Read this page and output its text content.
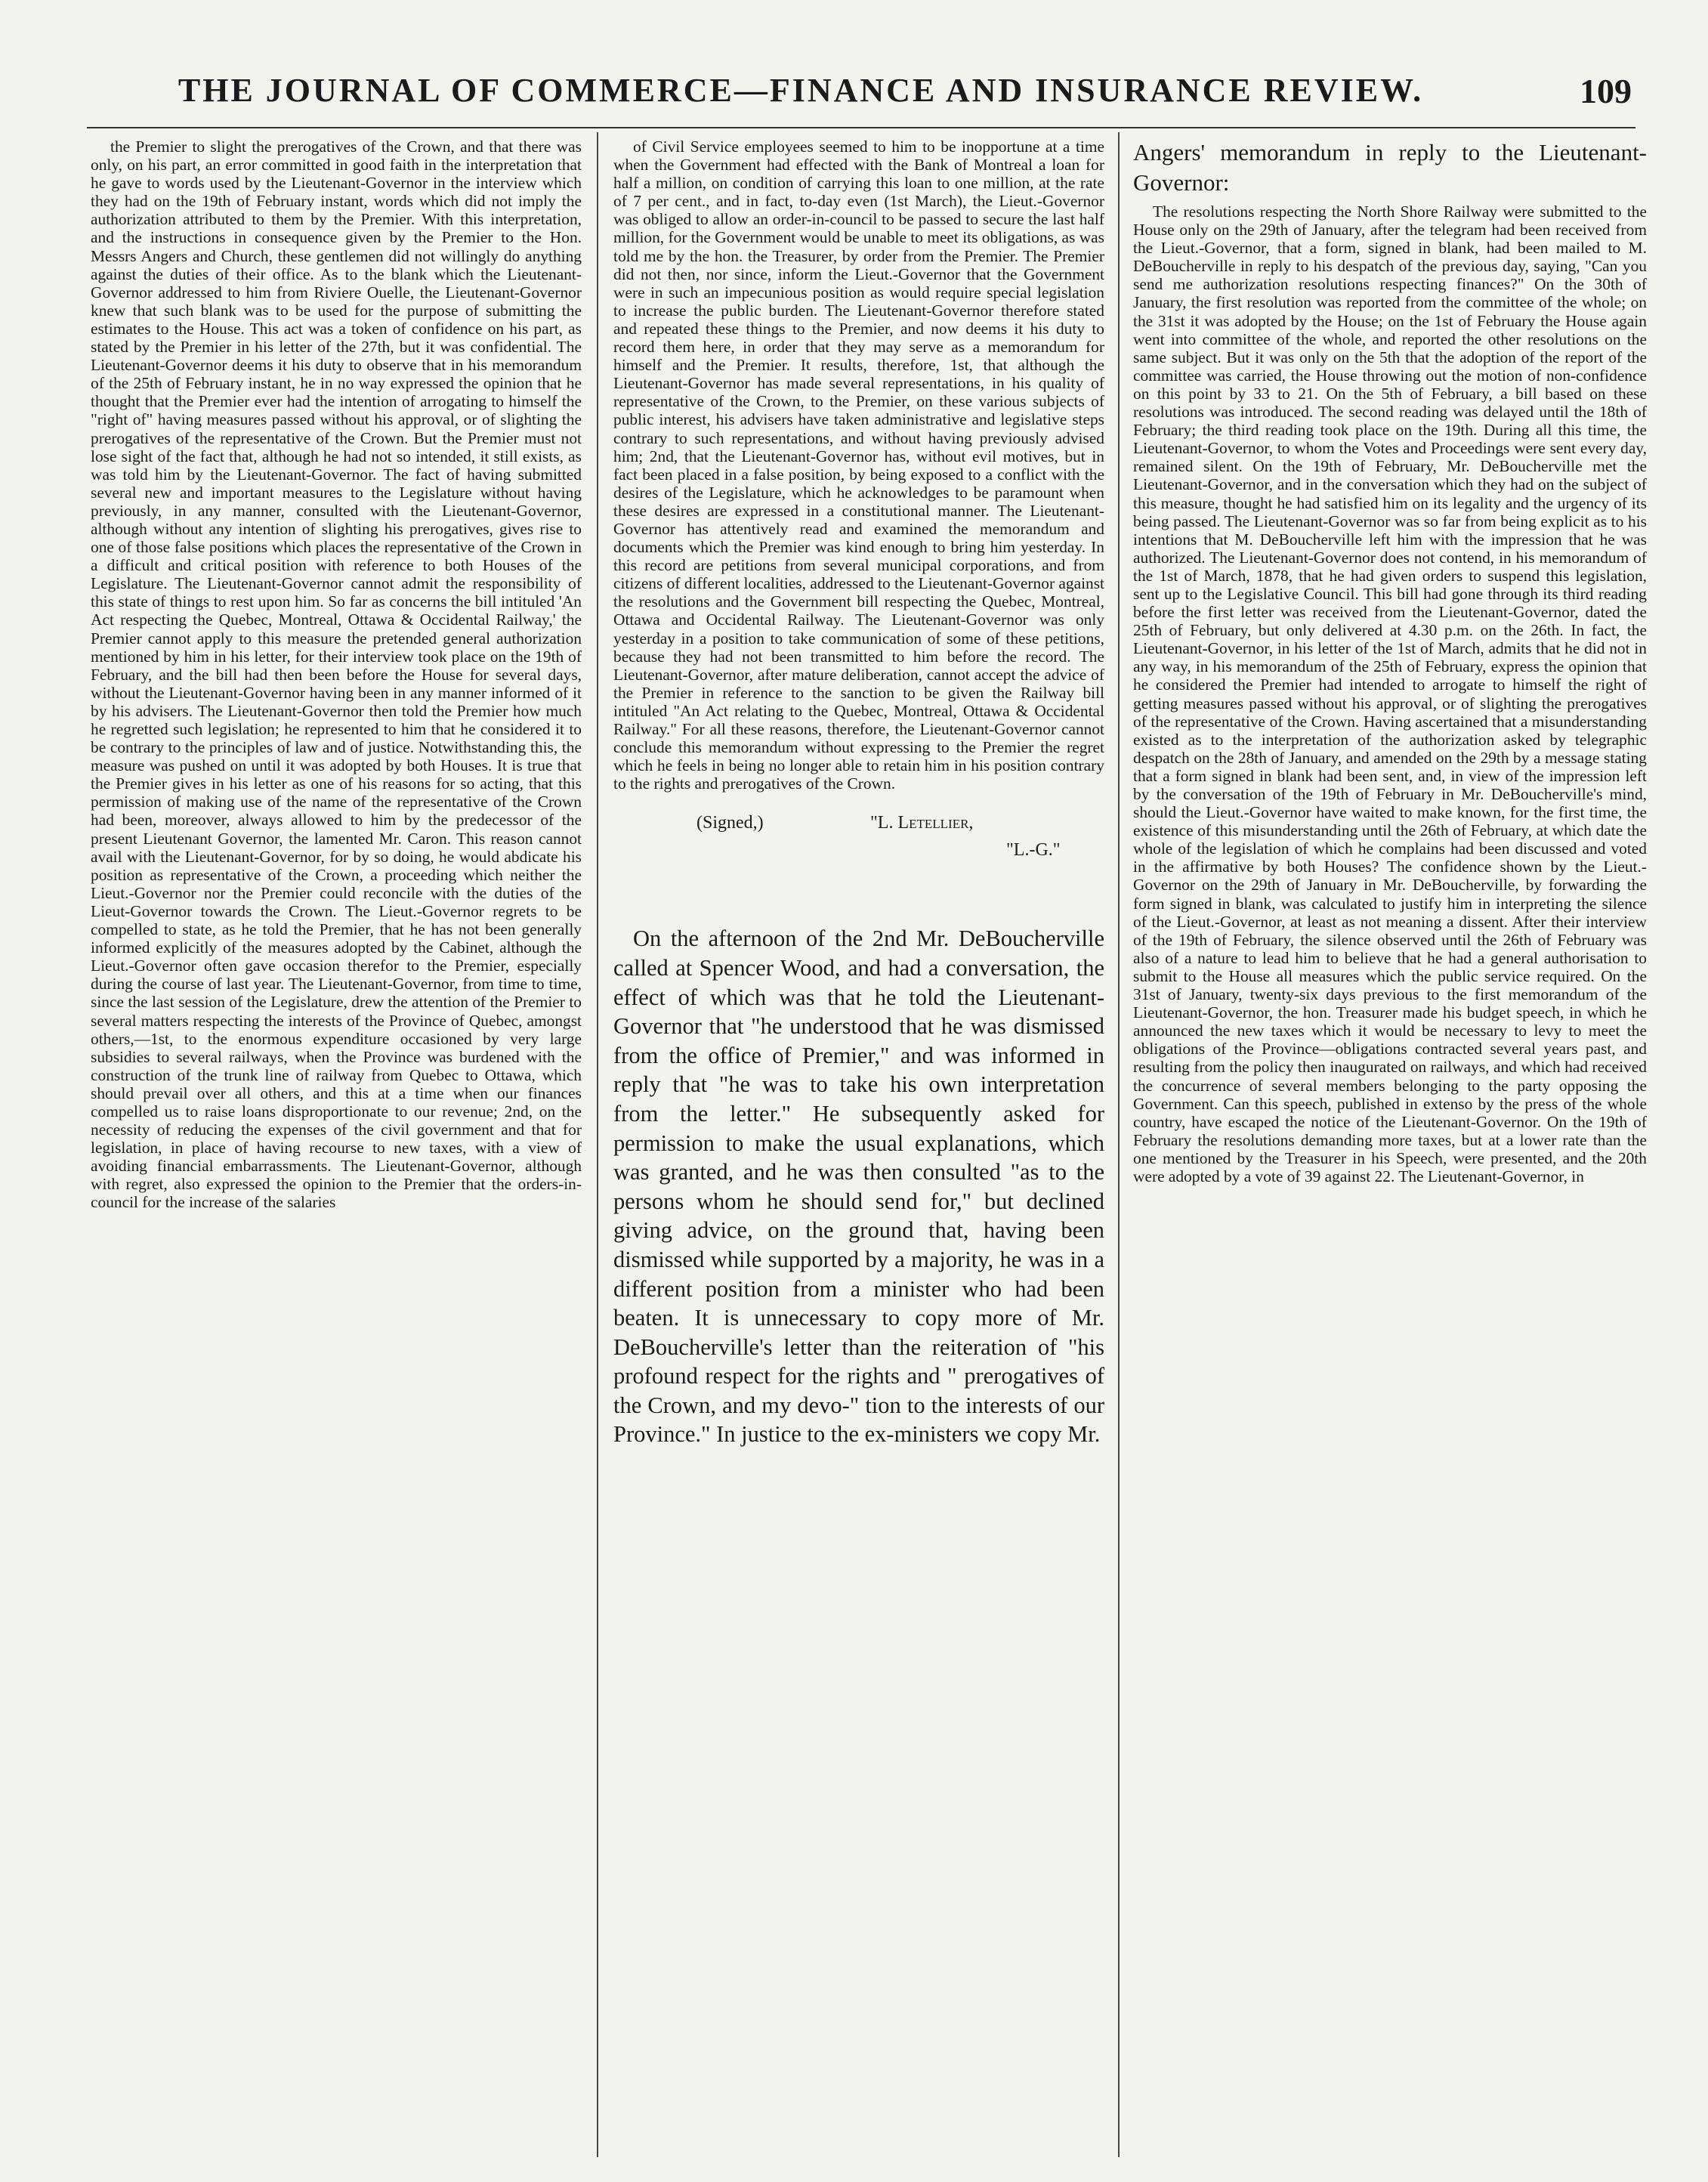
THE JOURNAL OF COMMERCE—FINANCE AND INSURANCE REVIEW.	109

the Premier to slight the prerogatives of the Crown, and that there was only, on his part, an error committed in good faith in the interpretation that he gave to words used by the Lieutenant-Governor in the interview which they had on the 19th of February instant, words which did not imply the authorization attributed to them by the Premier. With this interpretation, and the instructions in consequence given by the Premier to the Hon. Messrs Angers and Church, these gentlemen did not willingly do anything against the duties of their office. As to the blank which the Lieutenant-Governor addressed to him from Riviere Ouelle, the Lieutenant-Governor knew that such blank was to be used for the purpose of submitting the estimates to the House. This act was a token of confidence on his part, as stated by the Premier in his letter of the 27th, but it was confidential. The Lieutenant-Governor deems it his duty to observe that in his memorandum of the 25th of February instant, he in no way expressed the opinion that he thought that the Premier ever had the intention of arrogating to himself the "right of" having measures passed without his approval, or of slighting the prerogatives of the representative of the Crown. But the Premier must not lose sight of the fact that, although he had not so intended, it still exists, as was told him by the Lieutenant-Governor. The fact of having submitted several new and important measures to the Legislature without having previously, in any manner, consulted with the Lieutenant-Governor, although without any intention of slighting his prerogatives, gives rise to one of those false positions which places the representative of the Crown in a difficult and critical position with reference to both Houses of the Legislature. The Lieutenant-Governor cannot admit the responsibility of this state of things to rest upon him. So far as concerns the bill intituled 'An Act respecting the Quebec, Montreal, Ottawa & Occidental Railway,' the Premier cannot apply to this measure the pretended general authorization mentioned by him in his letter, for their interview took place on the 19th of February, and the bill had then been before the House for several days, without the Lieutenant-Governor having been in any manner informed of it by his advisers. The Lieutenant-Governor then told the Premier how much he regretted such legislation; he represented to him that he considered it to be contrary to the principles of law and of justice. Notwithstanding this, the measure was pushed on until it was adopted by both Houses. It is true that the Premier gives in his letter as one of his reasons for so acting, that this permission of making use of the name of the representative of the Crown had been, moreover, always allowed to him by the predecessor of the present Lieutenant Governor, the lamented Mr. Caron. This reason cannot avail with the Lieutenant-Governor, for by so doing, he would abdicate his position as representative of the Crown, a proceeding which neither the Lieut.-Governor nor the Premier could reconcile with the duties of the Lieut-Governor towards the Crown. The Lieut.-Governor regrets to be compelled to state, as he told the Premier, that he has not been generally informed explicitly of the measures adopted by the Cabinet, although the Lieut.-Governor often gave occasion therefor to the Premier, especially during the course of last year. The Lieutenant-Governor, from time to time, since the last session of the Legislature, drew the attention of the Premier to several matters respecting the interests of the Province of Quebec, amongst others,—1st, to the enormous expenditure occasioned by very large subsidies to several railways, when the Province was burdened with the construction of the trunk line of railway from Quebec to Ottawa, which should prevail over all others, and this at a time when our finances compelled us to raise loans disproportionate to our revenue; 2nd, on the necessity of reducing the expenses of the civil government and that for legislation, in place of having recourse to new taxes, with a view of avoiding financial embarrassments. The Lieutenant-Governor, although with regret, also expressed the opinion to the Premier that the orders-in-council for the increase of the salaries

of Civil Service employees seemed to him to be inopportune at a time when the Government had effected with the Bank of Montreal a loan for half a million, on condition of carrying this loan to one million, at the rate of 7 per cent., and in fact, to-day even (1st March), the Lieut.-Governor was obliged to allow an order-in-council to be passed to secure the last half million, for the Government would be unable to meet its obligations, as was told me by the hon. the Treasurer, by order from the Premier. The Premier did not then, nor since, inform the Lieut.-Governor that the Government were in such an impecunious position as would require special legislation to increase the public burden. The Lieutenant-Governor therefore stated and repeated these things to the Premier, and now deems it his duty to record them here, in order that they may serve as a memorandum for himself and the Premier. It results, therefore, 1st, that although the Lieutenant-Governor has made several representations, in his quality of representative of the Crown, to the Premier, on these various subjects of public interest, his advisers have taken administrative and legislative steps contrary to such representations, and without having previously advised him; 2nd, that the Lieutenant-Governor has, without evil motives, but in fact been placed in a false position, by being exposed to a conflict with the desires of the Legislature, which he acknowledges to be paramount when these desires are expressed in a constitutional manner. The Lieutenant-Governor has attentively read and examined the memorandum and documents which the Premier was kind enough to bring him yesterday. In this record are petitions from several municipal corporations, and from citizens of different localities, addressed to the Lieutenant-Governor against the resolutions and the Government bill respecting the Quebec, Montreal, Ottawa and Occidental Railway. The Lieutenant-Governor was only yesterday in a position to take communication of some of these petitions, because they had not been transmitted to him before the record. The Lieutenant-Governor, after mature deliberation, cannot accept the advice of the Premier in reference to the sanction to be given the Railway bill intituled "An Act relating to the Quebec, Montreal, Ottawa & Occidental Railway." For all these reasons, therefore, the Lieutenant-Governor cannot conclude this memorandum without expressing to the Premier the regret which he feels in being no longer able to retain him in his position contrary to the rights and prerogatives of the Crown.

(Signed,)	"L. Letellier,
"L.-G."

On the afternoon of the 2nd Mr. DeBoucherville called at Spencer Wood, and had a conversation, the effect of which was that he told the Lieutenant-Governor that "he understood that he was dismissed from the office of Premier," and was informed in reply that "he was to take his own interpretation from the letter." He subsequently asked for permission to make the usual explanations, which was granted, and he was then consulted "as to the persons whom he should send for," but declined giving advice, on the ground that, having been dismissed while supported by a majority, he was in a different position from a minister who had been beaten. It is unnecessary to copy more of Mr. DeBoucherville's letter than the reiteration of "his profound respect for the rights and " prerogatives of the Crown, and my devo-" tion to the interests of our Province." In justice to the ex-ministers we copy Mr.

Angers' memorandum in reply to the Lieutenant-Governor:

The resolutions respecting the North Shore Railway were submitted to the House only on the 29th of January, after the telegram had been received from the Lieut.-Governor, that a form, signed in blank, had been mailed to M. DeBoucherville in reply to his despatch of the previous day, saying, "Can you send me authorization resolutions respecting finances?" On the 30th of January, the first resolution was reported from the committee of the whole; on the 31st it was adopted by the House; on the 1st of February the House again went into committee of the whole, and reported the other resolutions on the same subject. But it was only on the 5th that the adoption of the report of the committee was carried, the House throwing out the motion of non-confidence on this point by 33 to 21. On the 5th of February, a bill based on these resolutions was introduced. The second reading was delayed until the 18th of February; the third reading took place on the 19th. During all this time, the Lieutenant-Governor, to whom the Votes and Proceedings were sent every day, remained silent. On the 19th of February, Mr. DeBoucherville met the Lieutenant-Governor, and in the conversation which they had on the subject of this measure, thought he had satisfied him on its legality and the urgency of its being passed. The Lieutenant-Governor was so far from being explicit as to his intentions that M. DeBoucherville left him with the impression that he was authorized. The Lieutenant-Governor does not contend, in his memorandum of the 1st of March, 1878, that he had given orders to suspend this legislation, sent up to the Legislative Council. This bill had gone through its third reading before the first letter was received from the Lieutenant-Governor, dated the 25th of February, but only delivered at 4.30 p.m. on the 26th. In fact, the Lieutenant-Governor, in his letter of the 1st of March, admits that he did not in any way, in his memorandum of the 25th of February, express the opinion that he considered the Premier had intended to arrogate to himself the right of getting measures passed without his approval, or of slighting the prerogatives of the representative of the Crown. Having ascertained that a misunderstanding existed as to the interpretation of the authorization asked by telegraphic despatch on the 28th of January, and amended on the 29th by a message stating that a form signed in blank had been sent, and, in view of the impression left by the conversation of the 19th of February in Mr. DeBoucherville's mind, should the Lieut.-Governor have waited to make known, for the first time, the existence of this misunderstanding until the 26th of February, at which date the whole of the legislation of which he complains had been discussed and voted in the affirmative by both Houses? The confidence shown by the Lieut.-Governor on the 29th of January in Mr. DeBoucherville, by forwarding the form signed in blank, was calculated to justify him in interpreting the silence of the Lieut.-Governor, at least as not meaning a dissent. After their interview of the 19th of February, the silence observed until the 26th of February was also of a nature to lead him to believe that he had a general authorisation to submit to the House all measures which the public service required. On the 31st of January, twenty-six days previous to the first memorandum of the Lieutenant-Governor, the hon. Treasurer made his budget speech, in which he announced the new taxes which it would be necessary to levy to meet the obligations of the Province—obligations contracted several years past, and resulting from the policy then inaugurated on railways, and which had received the concurrence of several members belonging to the party opposing the Government. Can this speech, published in extenso by the press of the whole country, have escaped the notice of the Lieutenant-Governor. On the 19th of February the resolutions demanding more taxes, but at a lower rate than the one mentioned by the Treasurer in his Speech, were presented, and the 20th were adopted by a vote of 39 against 22. The Lieutenant-Governor, in
